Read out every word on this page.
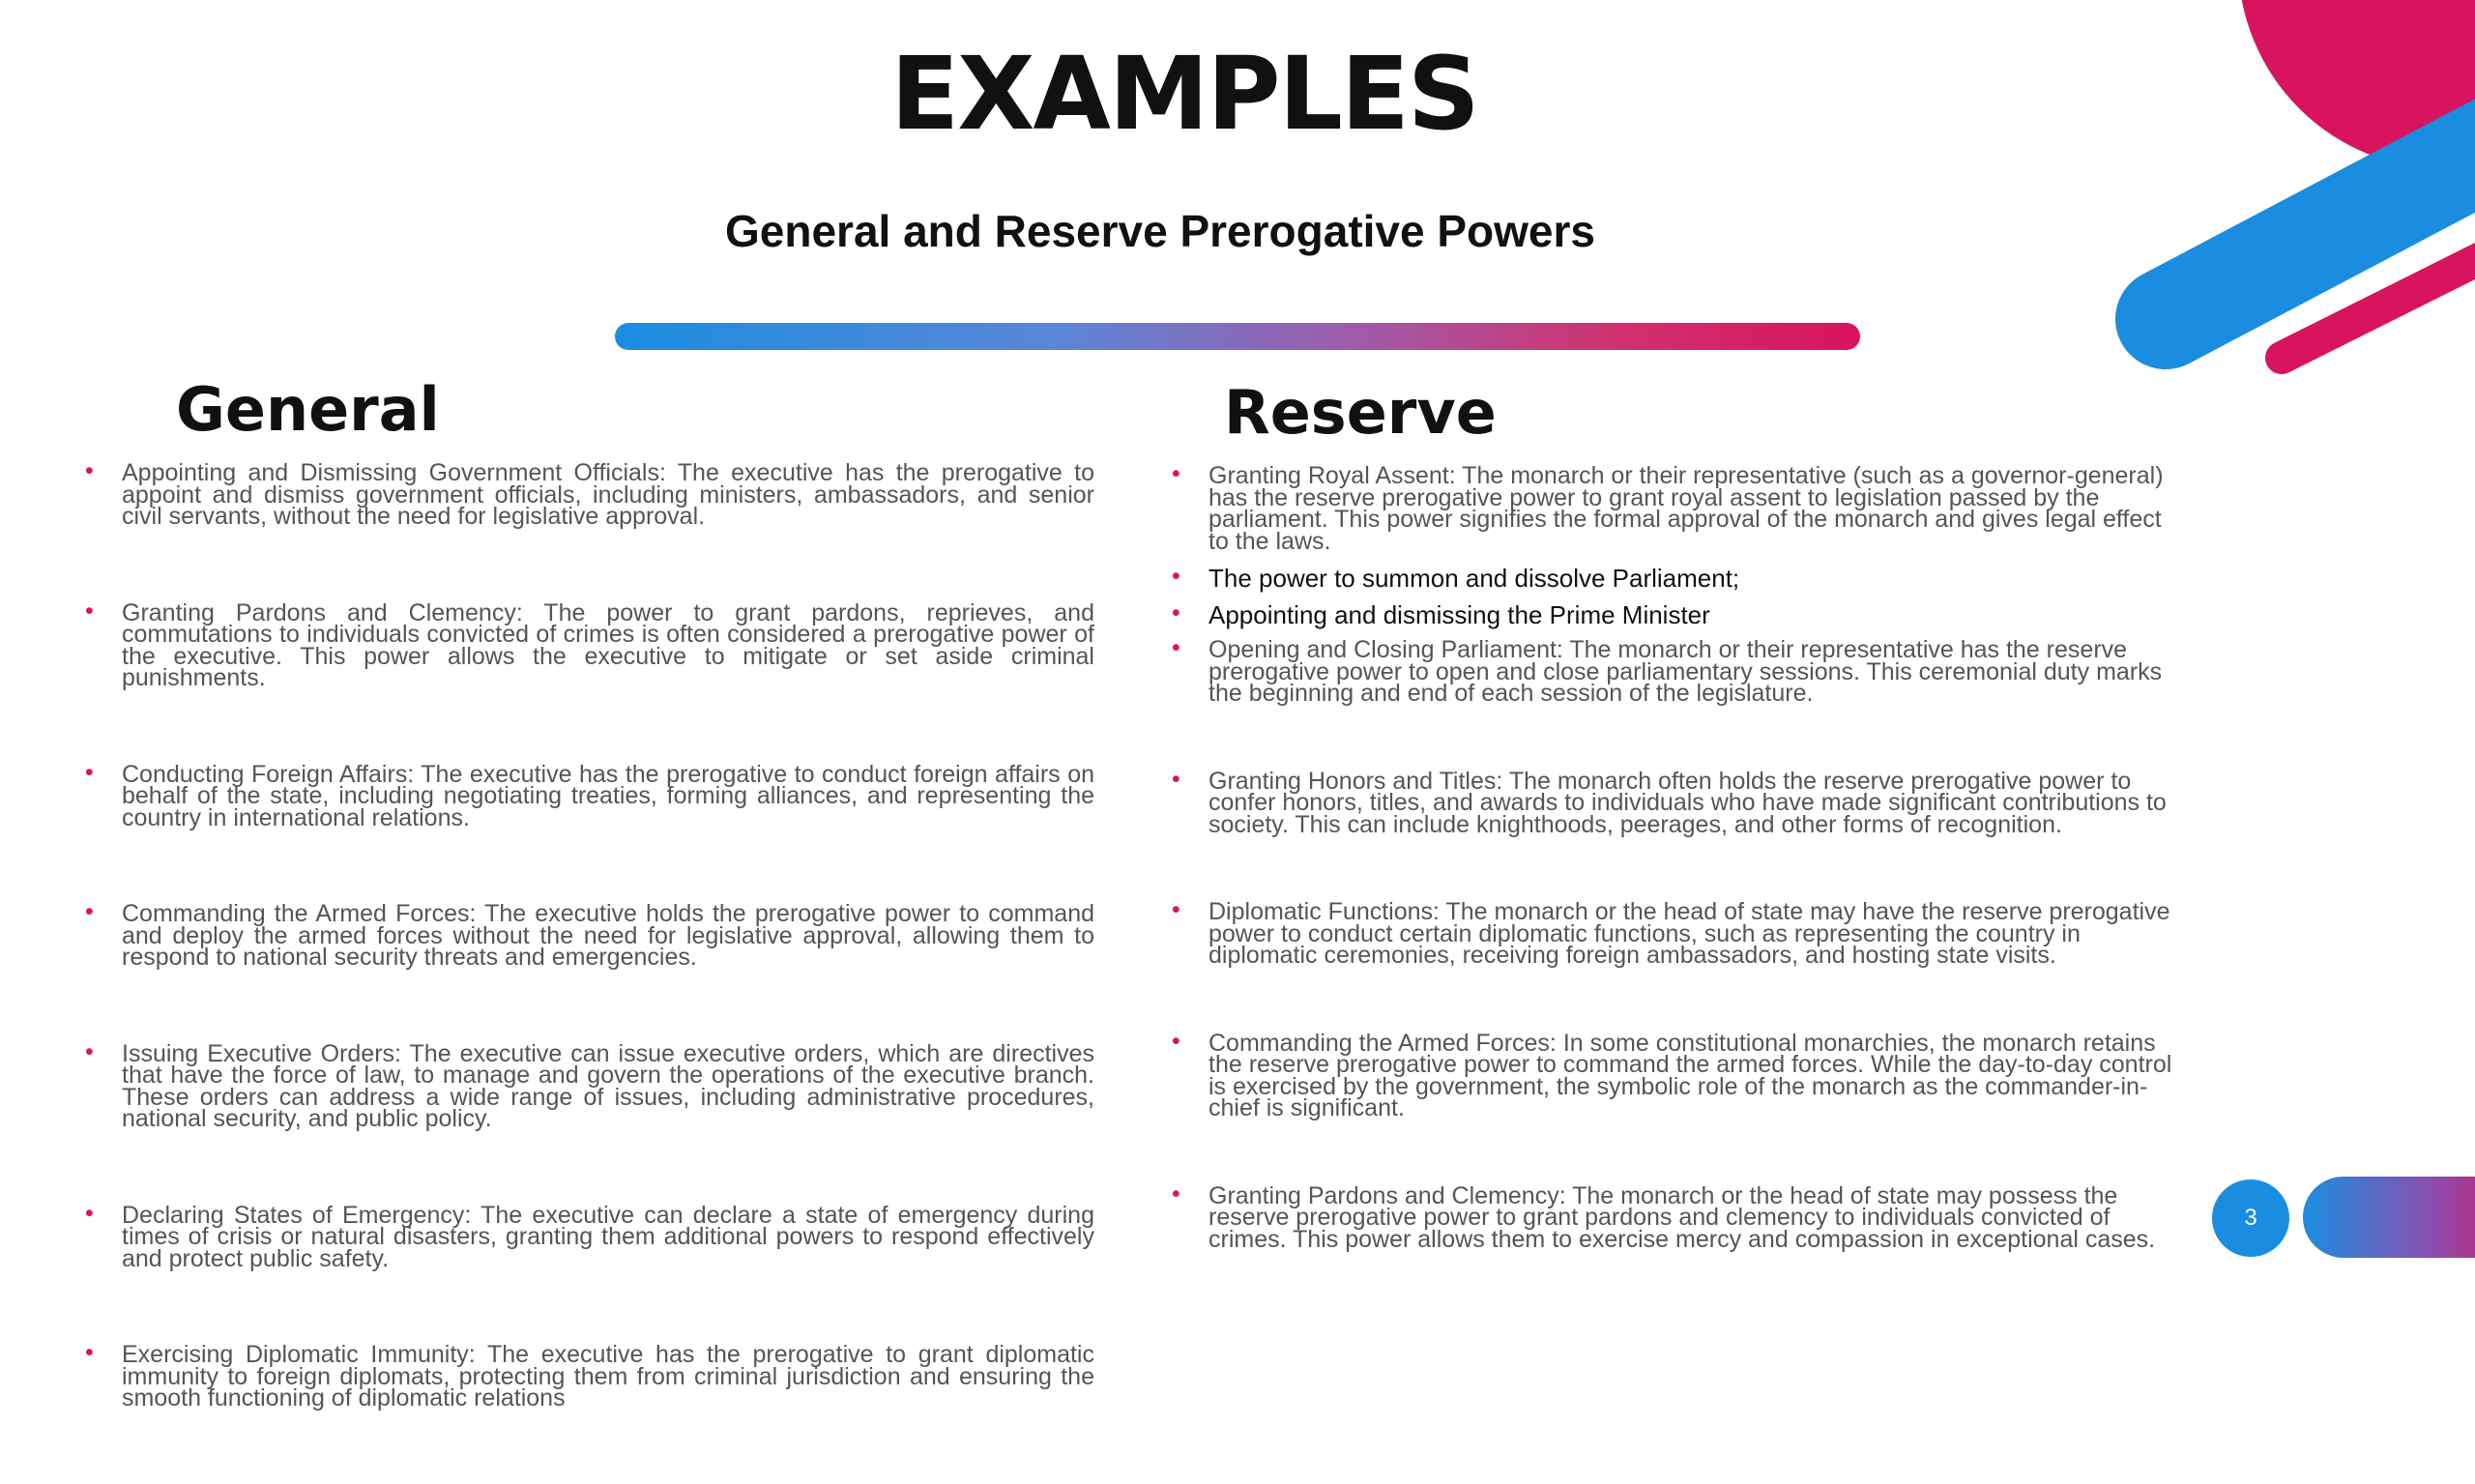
EXAMPLES
General and Reserve Prerogative Powers
General	Reserve
• Appointing and Dismissing Government Officials: The executive has the prerogative to appoint and dismiss government officials, including ministers, ambassadors, and senior civil servants, without the need for legislative approval.
• Granting Pardons and Clemency: The power to grant pardons, reprieves, and commutations to individuals convicted of crimes is often considered a prerogative power of the executive. This power allows the executive to mitigate or set aside criminal punishments.
• Conducting Foreign Affairs: The executive has the prerogative to conduct foreign affairs on behalf of the state, including negotiating treaties, forming alliances, and representing the country in international relations.
• Commanding the Armed Forces: The executive holds the prerogative power to command and deploy the armed forces without the need for legislative approval, allowing them to respond to national security threats and emergencies.
• Issuing Executive Orders: The executive can issue executive orders, which are directives that have the force of law, to manage and govern the operations of the executive branch. These orders can address a wide range of issues, including administrative procedures, national security, and public policy.
• Declaring States of Emergency: The executive can declare a state of emergency during times of crisis or natural disasters, granting them additional powers to respond effectively and protect public safety.
• Exercising Diplomatic Immunity: The executive has the prerogative to grant diplomatic immunity to foreign diplomats, protecting them from criminal jurisdiction and ensuring the smooth functioning of diplomatic relations
• Granting Royal Assent: The monarch or their representative (such as a governor-general) has the reserve prerogative power to grant royal assent to legislation passed by the parliament. This power signifies the formal approval of the monarch and gives legal effect to the laws.
• The power to summon and dissolve Parliament;
• Appointing and dismissing the Prime Minister
• Opening and Closing Parliament: The monarch or their representative has the reserve prerogative power to open and close parliamentary sessions. This ceremonial duty marks the beginning and end of each session of the legislature.
• Granting Honors and Titles: The monarch often holds the reserve prerogative power to confer honors, titles, and awards to individuals who have made significant contributions to society. This can include knighthoods, peerages, and other forms of recognition.
• Diplomatic Functions: The monarch or the head of state may have the reserve prerogative power to conduct certain diplomatic functions, such as representing the country in diplomatic ceremonies, receiving foreign ambassadors, and hosting state visits.
• Commanding the Armed Forces: In some constitutional monarchies, the monarch retains the reserve prerogative power to command the armed forces. While the day-to-day control is exercised by the government, the symbolic role of the monarch as the commander-in-chief is significant.
• Granting Pardons and Clemency: The monarch or the head of state may possess the reserve prerogative power to grant pardons and clemency to individuals convicted of crimes. This power allows them to exercise mercy and compassion in exceptional cases.
3
